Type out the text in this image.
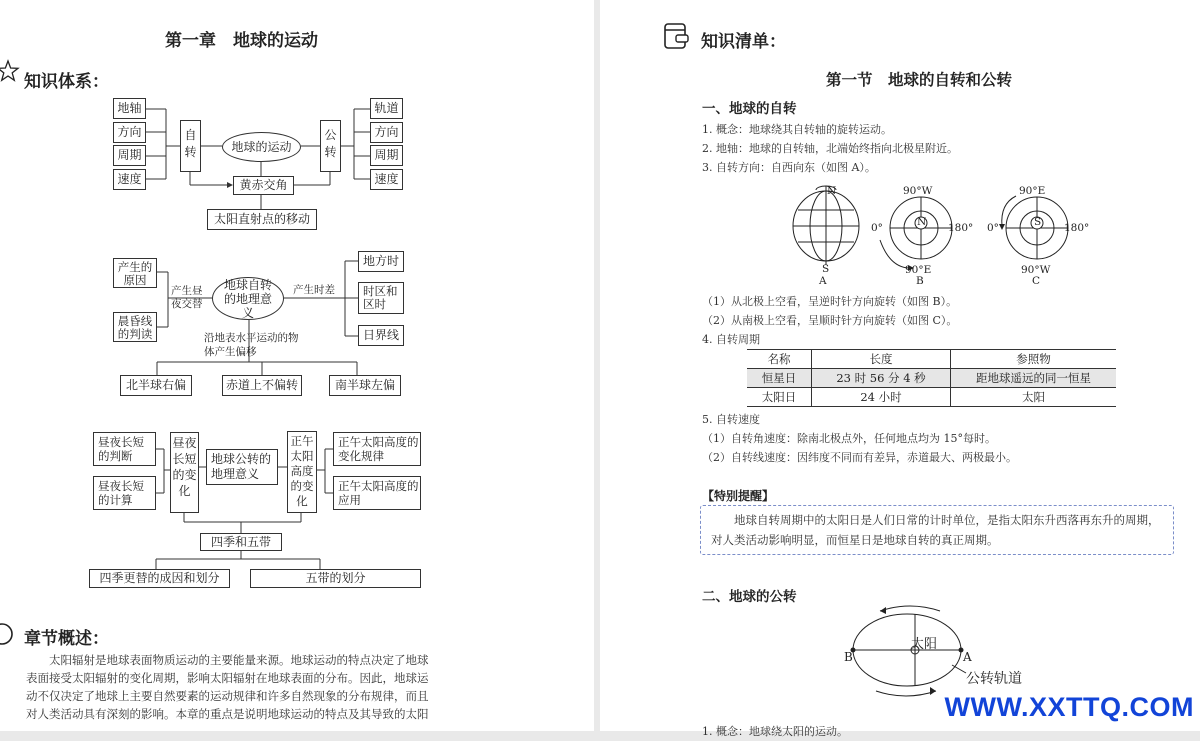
第一章　地球的运动
知识体系：
地轴
方向
周期
速度
自转	地球的运动
公转
轨道
方向
周期
速度
黄赤交角
太阳直射点的移动
产生的原因
晨昏线的判读
产生昼夜交替
地球自转的地理意义
产生时差
地方时
时区和区时
日界线
沿地表水平运动的物体产生偏移
北半球右偏	赤道上不偏转	南半球左偏
昼夜长短的判断
昼夜长短的计算
昼夜长短的变化
地球公转的地理意义
正午太阳高度的变化
正午太阳高度的变化规律
正午太阳高度的应用
四季和五带
四季更替的成因和划分	五带的划分
章节概述：
太阳辐射是地球表面物质运动的主要能量来源。地球运动的特点决定了地球
表面接受太阳辐射的变化周期，影响太阳辐射在地球表面的分布。因此，地球运
动不仅决定了地球上主要自然要素的运动规律和许多自然现象的分布规律，而且
对人类活动具有深刻的影响。本章的重点是说明地球运动的特点及其导致的太阳
知识清单：
第一节　地球的自转和公转
一、地球的自转
1. 概念：地球绕其自转轴的旋转运动。
2. 地轴：地球的自转轴，北端始终指向北极星附近。
3. 自转方向：自西向东（如图 A）。
N
S
A
90°W
0°	N 180°
90°E
B
90°E
0°	S 180°
90°W
C
（1）从北极上空看，呈逆时针方向旋转（如图 B）。
（2）从南极上空看，呈顺时针方向旋转（如图 C）。
4. 自转周期
名称	长度	参照物
恒星日	23 时 56 分 4 秒	距地球遥远的同一恒星
太阳日	24 小时	太阳
5. 自转速度
（1）自转角速度：除南北极点外，任何地点均为 15°每时。
（2）自转线速度：因纬度不同而有差异，赤道最大、两极最小。
【特别提醒】
地球自转周期中的太阳日是人们日常的计时单位，是指太阳东升西落再东升的周期，对人类活动影响明显，而恒星日是地球自转的真正周期。
二、地球的公转
太阳
B	A
公转轨道
1. 概念：地球绕太阳的运动。
WWW.XXTTQ.COM
